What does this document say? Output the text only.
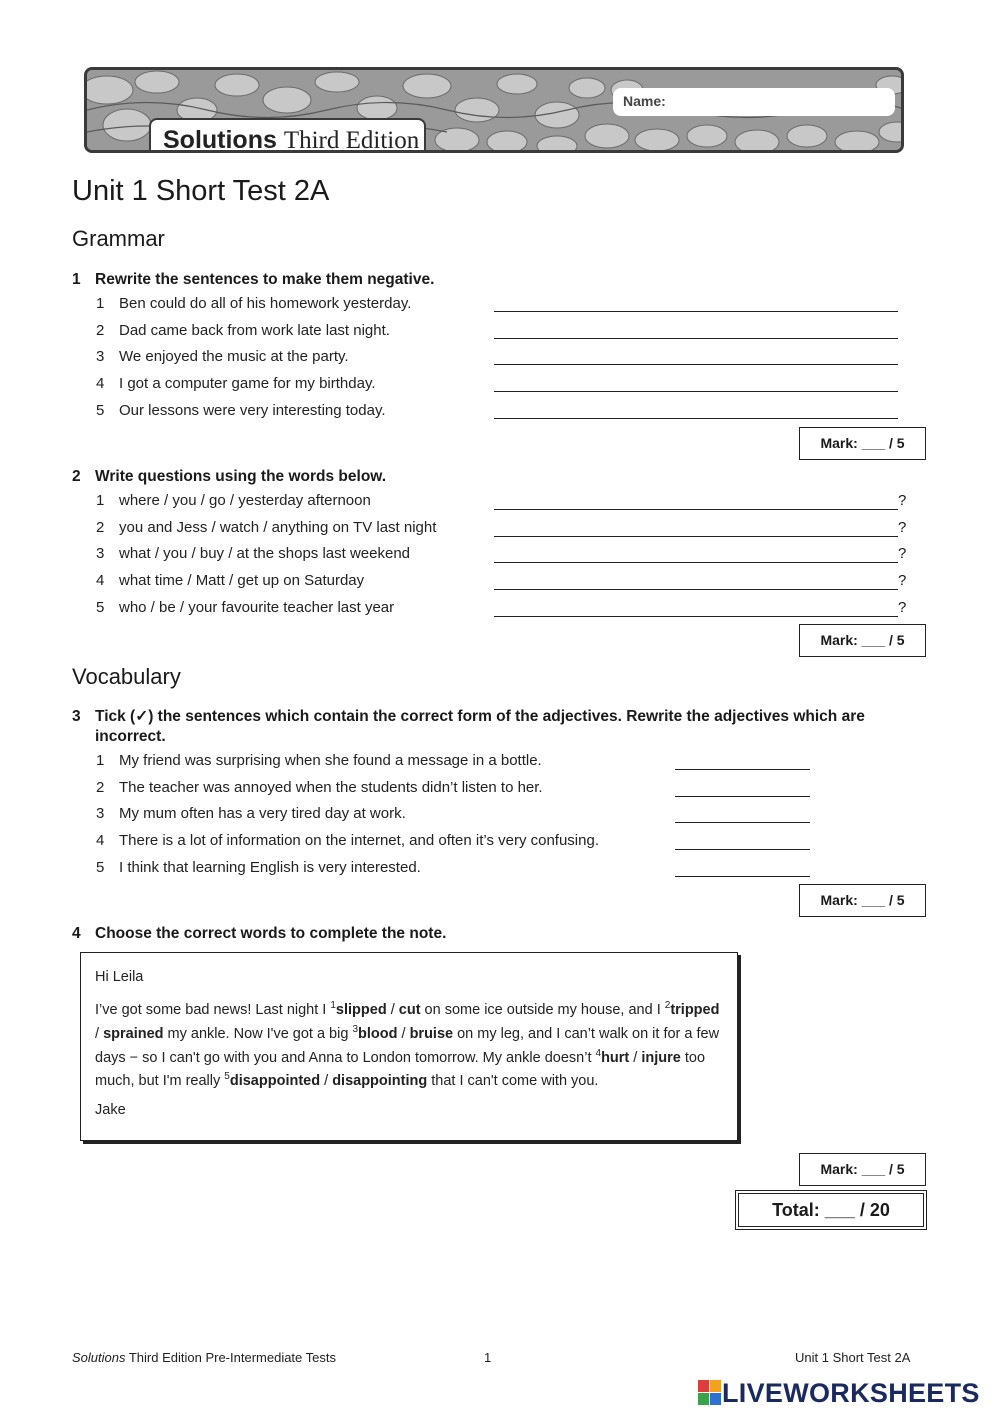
Name:
Solutions Third Edition
Unit 1 Short Test 2A
Grammar
1 Rewrite the sentences to make them negative.
1 Ben could do all of his homework yesterday.
2 Dad came back from work late last night.
3 We enjoyed the music at the party.
4 I got a computer game for my birthday.
5 Our lessons were very interesting today.
Mark: ___ / 5
2 Write questions using the words below.
1 where / you / go / yesterday afternoon
2 you and Jess / watch / anything on TV last night
3 what / you / buy / at the shops last weekend
4 what time / Matt / get up on Saturday
5 who / be / your favourite teacher last year
?
?
?
?
?
Mark: ___ / 5
Vocabulary
3 Tick (✓) the sentences which contain the correct form of the adjectives. Rewrite the adjectives which are incorrect.
1 My friend was surprising when she found a message in a bottle.
2 The teacher was annoyed when the students didn’t listen to her.
3 My mum often has a very tired day at work.
4 There is a lot of information on the internet, and often it’s very confusing.
5 I think that learning English is very interested.
Mark: ___ / 5
4 Choose the correct words to complete the note.

Hi Leila

I’ve got some bad news! Last night I $^1$slipped / cut on some ice outside my house, and I $^2$tripped / sprained my ankle. Now I've got a big $^3$blood / bruise on my leg, and I can’t walk on it for a few days − so I can't go with you and Anna to London tomorrow. My ankle doesn’t $^4$hurt / injure too much, but I'm really $^5$disappointed / disappointing that I can't come with you.

Jake

Mark: ___ / 5
Total: ___ / 20
Solutions Third Edition Pre-Intermediate Tests	1	Unit 1 Short Test 2A
LIVEWORKSHEETS
